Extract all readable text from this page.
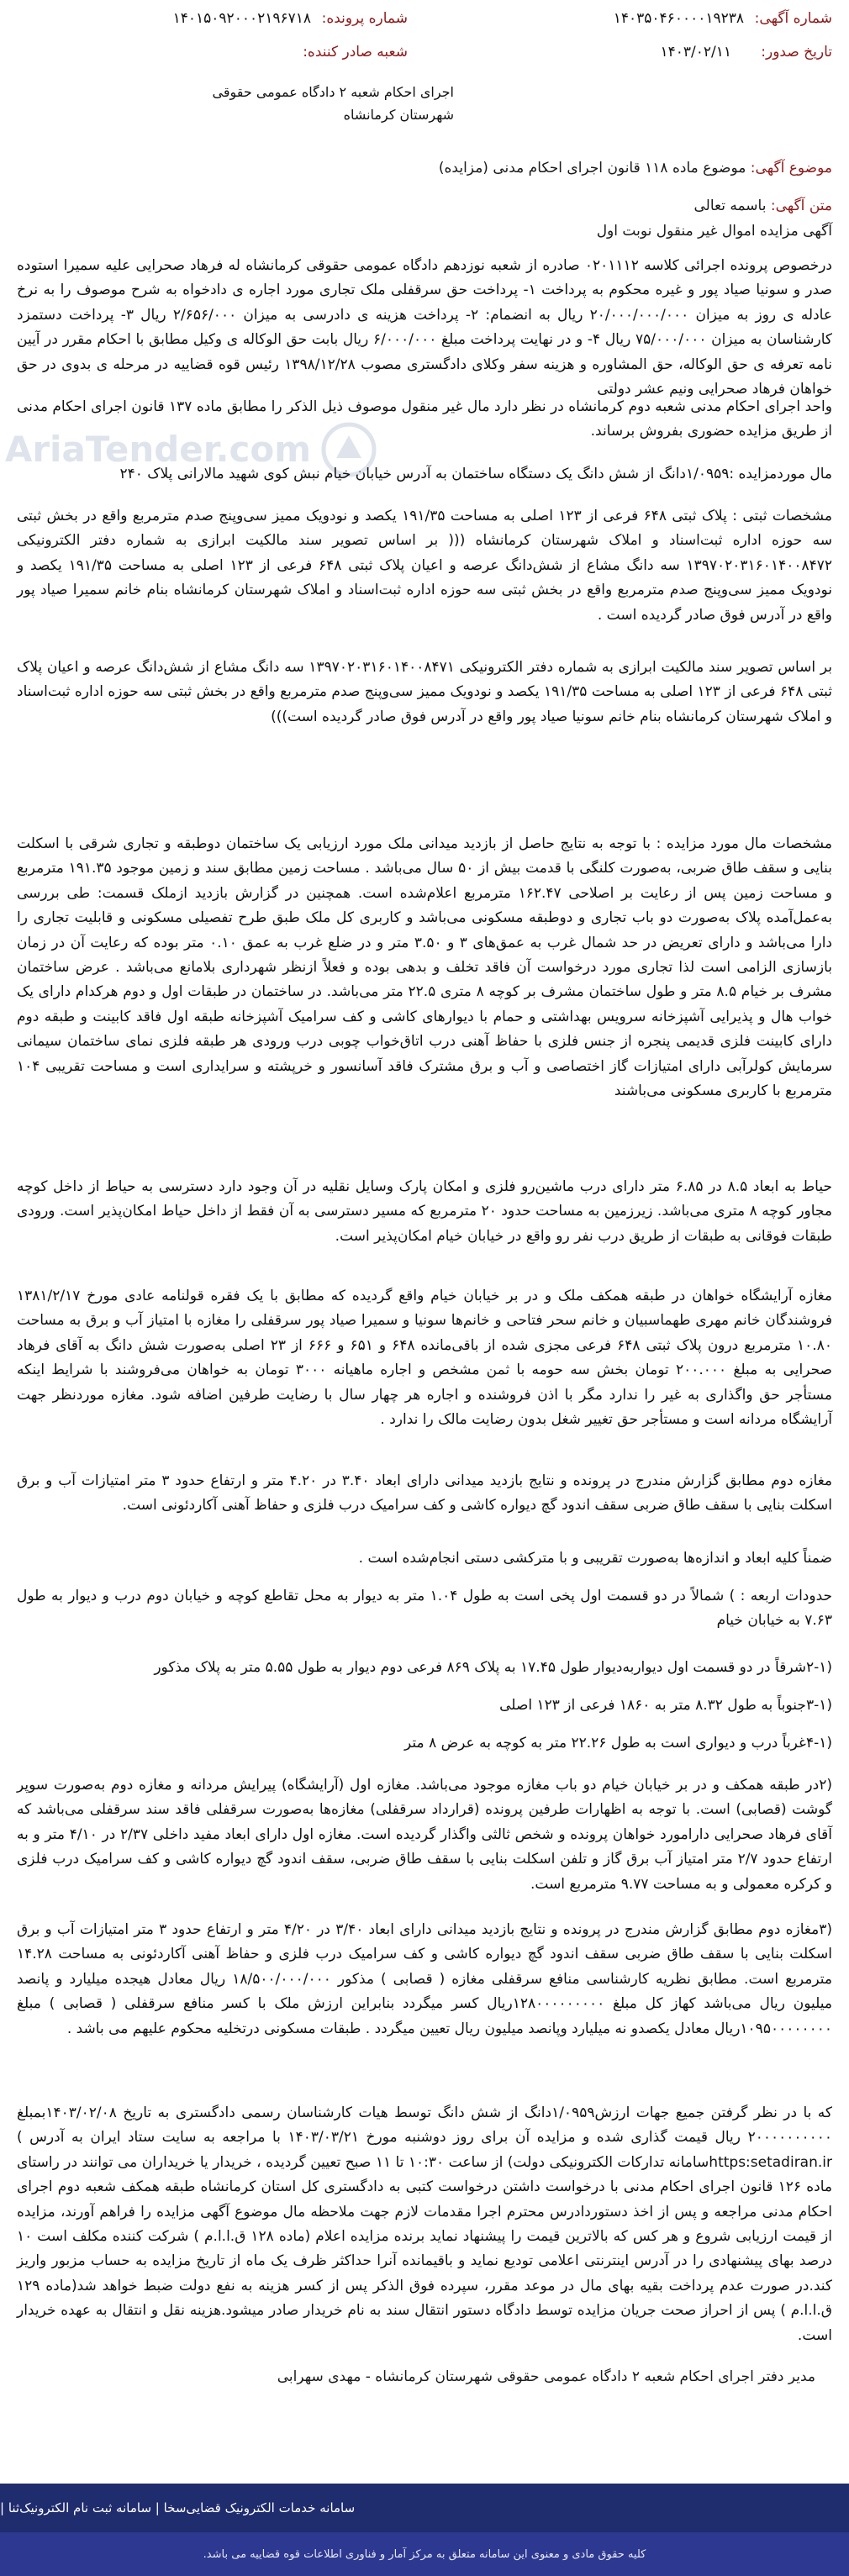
شماره آگهی:
۱۴۰۳۵۰۴۶۰۰۰۰۱۹۲۳۸
شماره پرونده:
۱۴۰۱۵۰۹۲۰۰۰۲۱۹۶۷۱۸
تاریخ صدور:
۱۴۰۳/۰۲/۱۱
شعبه صادر کننده:
اجرای احکام شعبه ۲ دادگاه عمومی حقوقی شهرستان کرمانشاه
موضوع آگهی: موضوع ماده ۱۱۸ قانون اجرای احکام مدنی (مزایده)
متن آگهی: باسمه تعالی
آگهی مزایده اموال غیر منقول نوبت اول
AriaTender.com
درخصوص پرونده اجرائی کلاسه ۰۲۰۱۱۱۲ صادره از شعبه نوزدهم دادگاه عمومی حقوقی کرمانشاه له فرهاد صحرایی علیه سمیرا استوده صدر و سونیا صیاد پور و غیره محکوم به پرداخت ۱- پرداخت حق سرقفلی ملک تجاری مورد اجاره ی دادخواه به شرح موصوف را به نرخ عادله ی روز به میزان ۲۰/۰۰۰/۰۰۰/۰۰۰ ریال به انضمام: ۲- پرداخت هزینه ی دادرسی به میزان ۲/۶۵۶/۰۰۰ ریال ۳- پرداخت دستمزد کارشناسان به میزان ۷۵/۰۰۰/۰۰۰ ریال ۴- و در نهایت پرداخت مبلغ ۶/۰۰۰/۰۰۰ ریال بابت حق الوکاله ی وکیل مطابق با احکام مقرر در آیین نامه تعرفه ی حق الوکاله، حق المشاوره و هزینه سفر وکلای دادگستری مصوب ۱۳۹۸/۱۲/۲۸ رئیس قوه قضاییه در مرحله ی بدوی در حق خواهان فرهاد صحرایی ونیم عشر دولتی
واحد اجرای احکام مدنی شعبه دوم کرمانشاه در نظر دارد مال غیر منقول موصوف ذیل الذکر را مطابق ماده ۱۳۷ قانون اجرای احکام مدنی از طریق مزایده حضوری بفروش برساند.
مال موردمزایده :۱/۰۹۵۹دانگ از شش دانگ یک دستگاه ساختمان به آدرس خیابان خیام نبش کوی شهید مالارانی پلاک ۲۴۰
مشخصات ثبتی : پلاک ثبتی ۶۴۸ فرعی از ۱۲۳ اصلی به مساحت ۱۹۱/۳۵ یکصد و نودویک ممیز سی‌وپنج صدم مترمربع واقع در بخش ثبتی سه حوزه اداره ثبت‌اسناد و املاک شهرستان کرمانشاه ((( بر اساس تصویر سند مالکیت ابرازی به شماره دفتر الکترونیکی ۱۳۹۷۰۲۰۳۱۶۰۱۴۰۰۸۴۷۲ سه دانگ مشاع از شش‌دانگ عرصه و اعیان پلاک ثبتی ۶۴۸ فرعی از ۱۲۳ اصلی به مساحت ۱۹۱/۳۵ یکصد و نودویک ممیز سی‌وپنج صدم مترمربع واقع در بخش ثبتی سه حوزه اداره ثبت‌اسناد و املاک شهرستان کرمانشاه بنام خانم سمیرا صیاد پور واقع در آدرس فوق صادر گردیده است .
بر اساس تصویر سند مالکیت ابرازی به شماره دفتر الکترونیکی ۱۳۹۷۰۲۰۳۱۶۰۱۴۰۰۸۴۷۱ سه دانگ مشاع از شش‌دانگ عرصه و اعیان پلاک ثبتی ۶۴۸ فرعی از ۱۲۳ اصلی به مساحت ۱۹۱/۳۵ یکصد و نودویک ممیز سی‌وپنج صدم مترمربع واقع در بخش ثبتی سه حوزه اداره ثبت‌اسناد و املاک شهرستان کرمانشاه بنام خانم سونیا صیاد پور واقع در آدرس فوق صادر گردیده است)))
مشخصات مال مورد مزایده : با توجه به نتایج حاصل از بازدید میدانی ملک مورد ارزیابی یک ساختمان دوطبقه و تجاری شرقی با اسکلت بنایی و سقف طاق ضربی، به‌صورت کلنگی با قدمت بیش از ۵۰ سال می‌باشد . مساحت زمین مطابق سند و زمین موجود ۱۹۱.۳۵ مترمربع و مساحت زمین پس از رعایت بر اصلاحی ۱۶۲.۴۷ مترمربع اعلام‌شده است. همچنین در گزارش بازدید ازملک قسمت: طی بررسی به‌عمل‌آمده پلاک به‌صورت دو باب تجاری و دوطبقه مسکونی می‌باشد و کاربری کل ملک طبق طرح تفصیلی مسکونی و قابلیت تجاری را دارا می‌باشد و دارای تعریض در حد شمال غرب به عمق‌های ۳ و ۳.۵۰ متر و در ضلع غرب به عمق ۰.۱۰ متر بوده که رعایت آن در زمان بازسازی الزامی است لذا تجاری مورد درخواست آن فاقد تخلف و بدهی بوده و فعلاً ازنظر شهرداری بلامانع می‌باشد . عرض ساختمان مشرف بر خیام ۸.۵ متر و طول ساختمان مشرف بر کوچه ۸ متری ۲۲.۵ متر می‌باشد. در ساختمان در طبقات اول و دوم هرکدام دارای یک خواب هال و پذیرایی آشپزخانه سرویس بهداشتی و حمام با دیوارهای کاشی و کف سرامیک آشپزخانه طبقه اول فاقد کابینت و طبقه دوم دارای کابینت فلزی قدیمی پنجره از جنس فلزی با حفاظ آهنی درب اتاق‌خواب چوبی درب ورودی هر طبقه فلزی نمای ساختمان سیمانی سرمایش کولرآبی دارای امتیازات گاز اختصاصی و آب و برق مشترک فاقد آسانسور و خرپشته و سرایداری است و مساحت تقریبی ۱۰۴ مترمربع با کاربری مسکونی می‌باشند
حیاط به ابعاد ۸.۵ در ۶.۸۵ متر دارای درب ماشین‌رو فلزی و امکان پارک وسایل نقلیه در آن وجود دارد دسترسی به حیاط از داخل کوچه مجاور کوچه ۸ متری می‌باشد. زیرزمین به مساحت حدود ۲۰ مترمربع که مسیر دسترسی به آن فقط از داخل حیاط امکان‌پذیر است. ورودی طبقات فوقانی به طبقات از طریق درب نفر رو واقع در خیابان خیام امکان‌پذیر است.
مغازه آرایشگاه خواهان در طبقه همکف ملک و در بر خیابان خیام واقع گردیده که مطابق با یک فقره قولنامه عادی مورخ ۱۳۸۱/۲/۱۷ فروشندگان خانم مهری طهماسبیان و خانم سحر فتاحی و خانم‌ها سونیا و سمیرا صیاد پور سرقفلی را مغازه با امتیاز آب و برق به مساحت ۱۰.۸۰ مترمربع درون پلاک ثبتی ۶۴۸ فرعی مجزی شده از باقی‌مانده ۶۴۸ و ۶۵۱ و ۶۶۶ از ۲۳ اصلی به‌صورت شش دانگ به آقای فرهاد صحرایی به مبلغ ۲۰۰.۰۰۰ تومان بخش سه حومه با ثمن مشخص و اجاره ماهیانه ۳۰۰۰ تومان به خواهان می‌فروشند با شرایط اینکه مستأجر حق واگذاری به غیر را ندارد مگر با اذن فروشنده و اجاره هر چهار سال با رضایت طرفین اضافه شود. مغازه موردنظر جهت آرایشگاه مردانه است و مستأجر حق تغییر شغل بدون رضایت مالک را ندارد .
مغازه دوم مطابق گزارش مندرج در پرونده و نتایج بازدید میدانی دارای ابعاد ۳.۴۰ در ۴.۲۰ متر و ارتفاع حدود ۳ متر امتیازات آب و برق اسکلت بنایی با سقف طاق ضربی سقف اندود گچ دیواره کاشی و کف سرامیک درب فلزی و حفاظ آهنی آکاردئونی است.
ضمناً کلیه ابعاد و اندازه‌ها به‌صورت تقریبی و با مترکشی دستی انجام‌شده است .
حدودات اربعه : ) شمالاً در دو قسمت اول پخی است به طول ۱.۰۴ متر به دیوار به محل تقاطع کوچه و خیابان دوم درب و دیوار به طول ۷.۶۳ به خیابان خیام
(۲-۱شرقاً در دو قسمت اول دیواربه‌دیوار طول ۱۷.۴۵ به پلاک ۸۶۹ فرعی دوم دیوار به طول ۵.۵۵ متر به پلاک مذکور
(۳-۱جنوباً به طول ۸.۳۲ متر به ۱۸۶۰ فرعی از ۱۲۳ اصلی
(۴-۱غرباً درب و دیواری است به طول ۲۲.۲۶ متر به کوچه به عرض ۸ متر
(۲در طبقه همکف و در بر خیابان خیام دو باب مغازه موجود می‌باشد. مغازه اول (آرایشگاه) پیرایش مردانه و مغازه دوم به‌صورت سوپر گوشت (قصابی) است. با توجه به اظهارات طرفین پرونده (قرارداد سرقفلی) مغازه‌ها به‌صورت سرقفلی فاقد سند سرقفلی می‌باشد که آقای فرهاد صحرایی دارامورد خواهان پرونده و شخص ثالثی واگذار گردیده است. مغازه اول دارای ابعاد مفید داخلی ۲/۳۷ در ۴/۱۰ متر و به ارتفاع حدود ۲/۷ متر امتیاز آب برق گاز و تلفن اسکلت بنایی با سقف طاق ضربی، سقف اندود گچ دیواره کاشی و کف سرامیک درب فلزی و کرکره معمولی و به مساحت ۹.۷۷ مترمربع است.
(۳مغازه دوم مطابق گزارش مندرج در پرونده و نتایج بازدید میدانی دارای ابعاد ۳/۴۰ در ۴/۲۰ متر و ارتفاع حدود ۳ متر امتیازات آب و برق اسکلت بنایی با سقف طاق ضربی سقف اندود گچ دیواره کاشی و کف سرامیک درب فلزی و حفاظ آهنی آکاردئونی به مساحت ۱۴.۲۸ مترمربع است. مطابق نظریه کارشناسی منافع سرقفلی مغازه ( قصابی ) مذکور ۱۸/۵۰۰/۰۰۰/۰۰۰ ریال معادل هیجده میلیارد و پانصد میلیون ریال می‌باشد کهاز کل مبلغ ۱۲۸۰۰۰۰۰۰۰۰۰ریال کسر میگردد بنابراین ارزش ملک با کسر منافع سرقفلی ( قصابی ) مبلغ ۱۰۹۵۰۰۰۰۰۰۰۰ریال معادل یکصدو نه میلیارد وپانصد میلیون ریال تعیین میگردد . طبقات مسکونی درتخلیه محکوم علیهم می باشد .
که با در نظر گرفتن جمیع جهات ارزش۱/۰۹۵۹دانگ از شش دانگ توسط هیات کارشناسان رسمی دادگستری به تاریخ ۱۴۰۳/۰۲/۰۸بمبلغ ۲۰۰۰۰۰۰۰۰۰۰ ریال قیمت گذاری شده و مزایده آن برای روز دوشنبه مورخ ۱۴۰۳/۰۳/۲۱ با مراجعه به سایت ستاد ایران به آدرس ) https:setadiran.irسامانه تدارکات الکترونیکی دولت) از ساعت ۱۰:۳۰ تا ۱۱ صبح تعیین گردیده ، خریدار یا خریداران می توانند در راستای ماده ۱۲۶ قانون اجرای احکام مدنی با درخواست داشتن درخواست کتبی به دادگستری کل استان کرمانشاه طبقه همکف شعبه دوم اجرای احکام مدنی مراجعه و پس از اخذ دستوردادرس محترم اجرا مقدمات لازم جهت ملاحظه مال موضوع آگهی مزایده را فراهم آورند، مزایده از قیمت ارزیابی شروع و هر کس که بالاترین قیمت را پیشنهاد نماید برنده مزایده اعلام (ماده ۱۲۸ ق.ا.ا.م ) شرکت کننده مکلف است ۱۰ درصد بهای پیشنهادی را در آدرس اینترنتی اعلامی تودیع نماید و باقیمانده آنرا حداکثر ظرف یک ماه از تاریخ مزایده به حساب مزبور واریز کند.در صورت عدم پرداخت بقیه بهای مال در موعد مقرر، سپرده فوق الذکر پس از کسر هزینه به نفع دولت ضبط خواهد شد(ماده ۱۲۹ ق.ا.ا.م ) پس از احراز صحت جریان مزایده توسط دادگاه دستور انتقال سند به نام خریدار صادر میشود.هزینه نقل و انتقال به عهده خریدار است.
مدیر دفتر اجرای احکام شعبه ۲ دادگاه عمومی حقوقی شهرستان کرمانشاه - مهدی سهرابی
سامانه خدمات الکترونیک قضایی‌سخا | سامانه ثبت نام الکترونیک‌ثنا |
کلیه حقوق مادی و معنوی این سامانه متعلق به مرکز آمار و فناوری اطلاعات قوه قضاییه می باشد.
